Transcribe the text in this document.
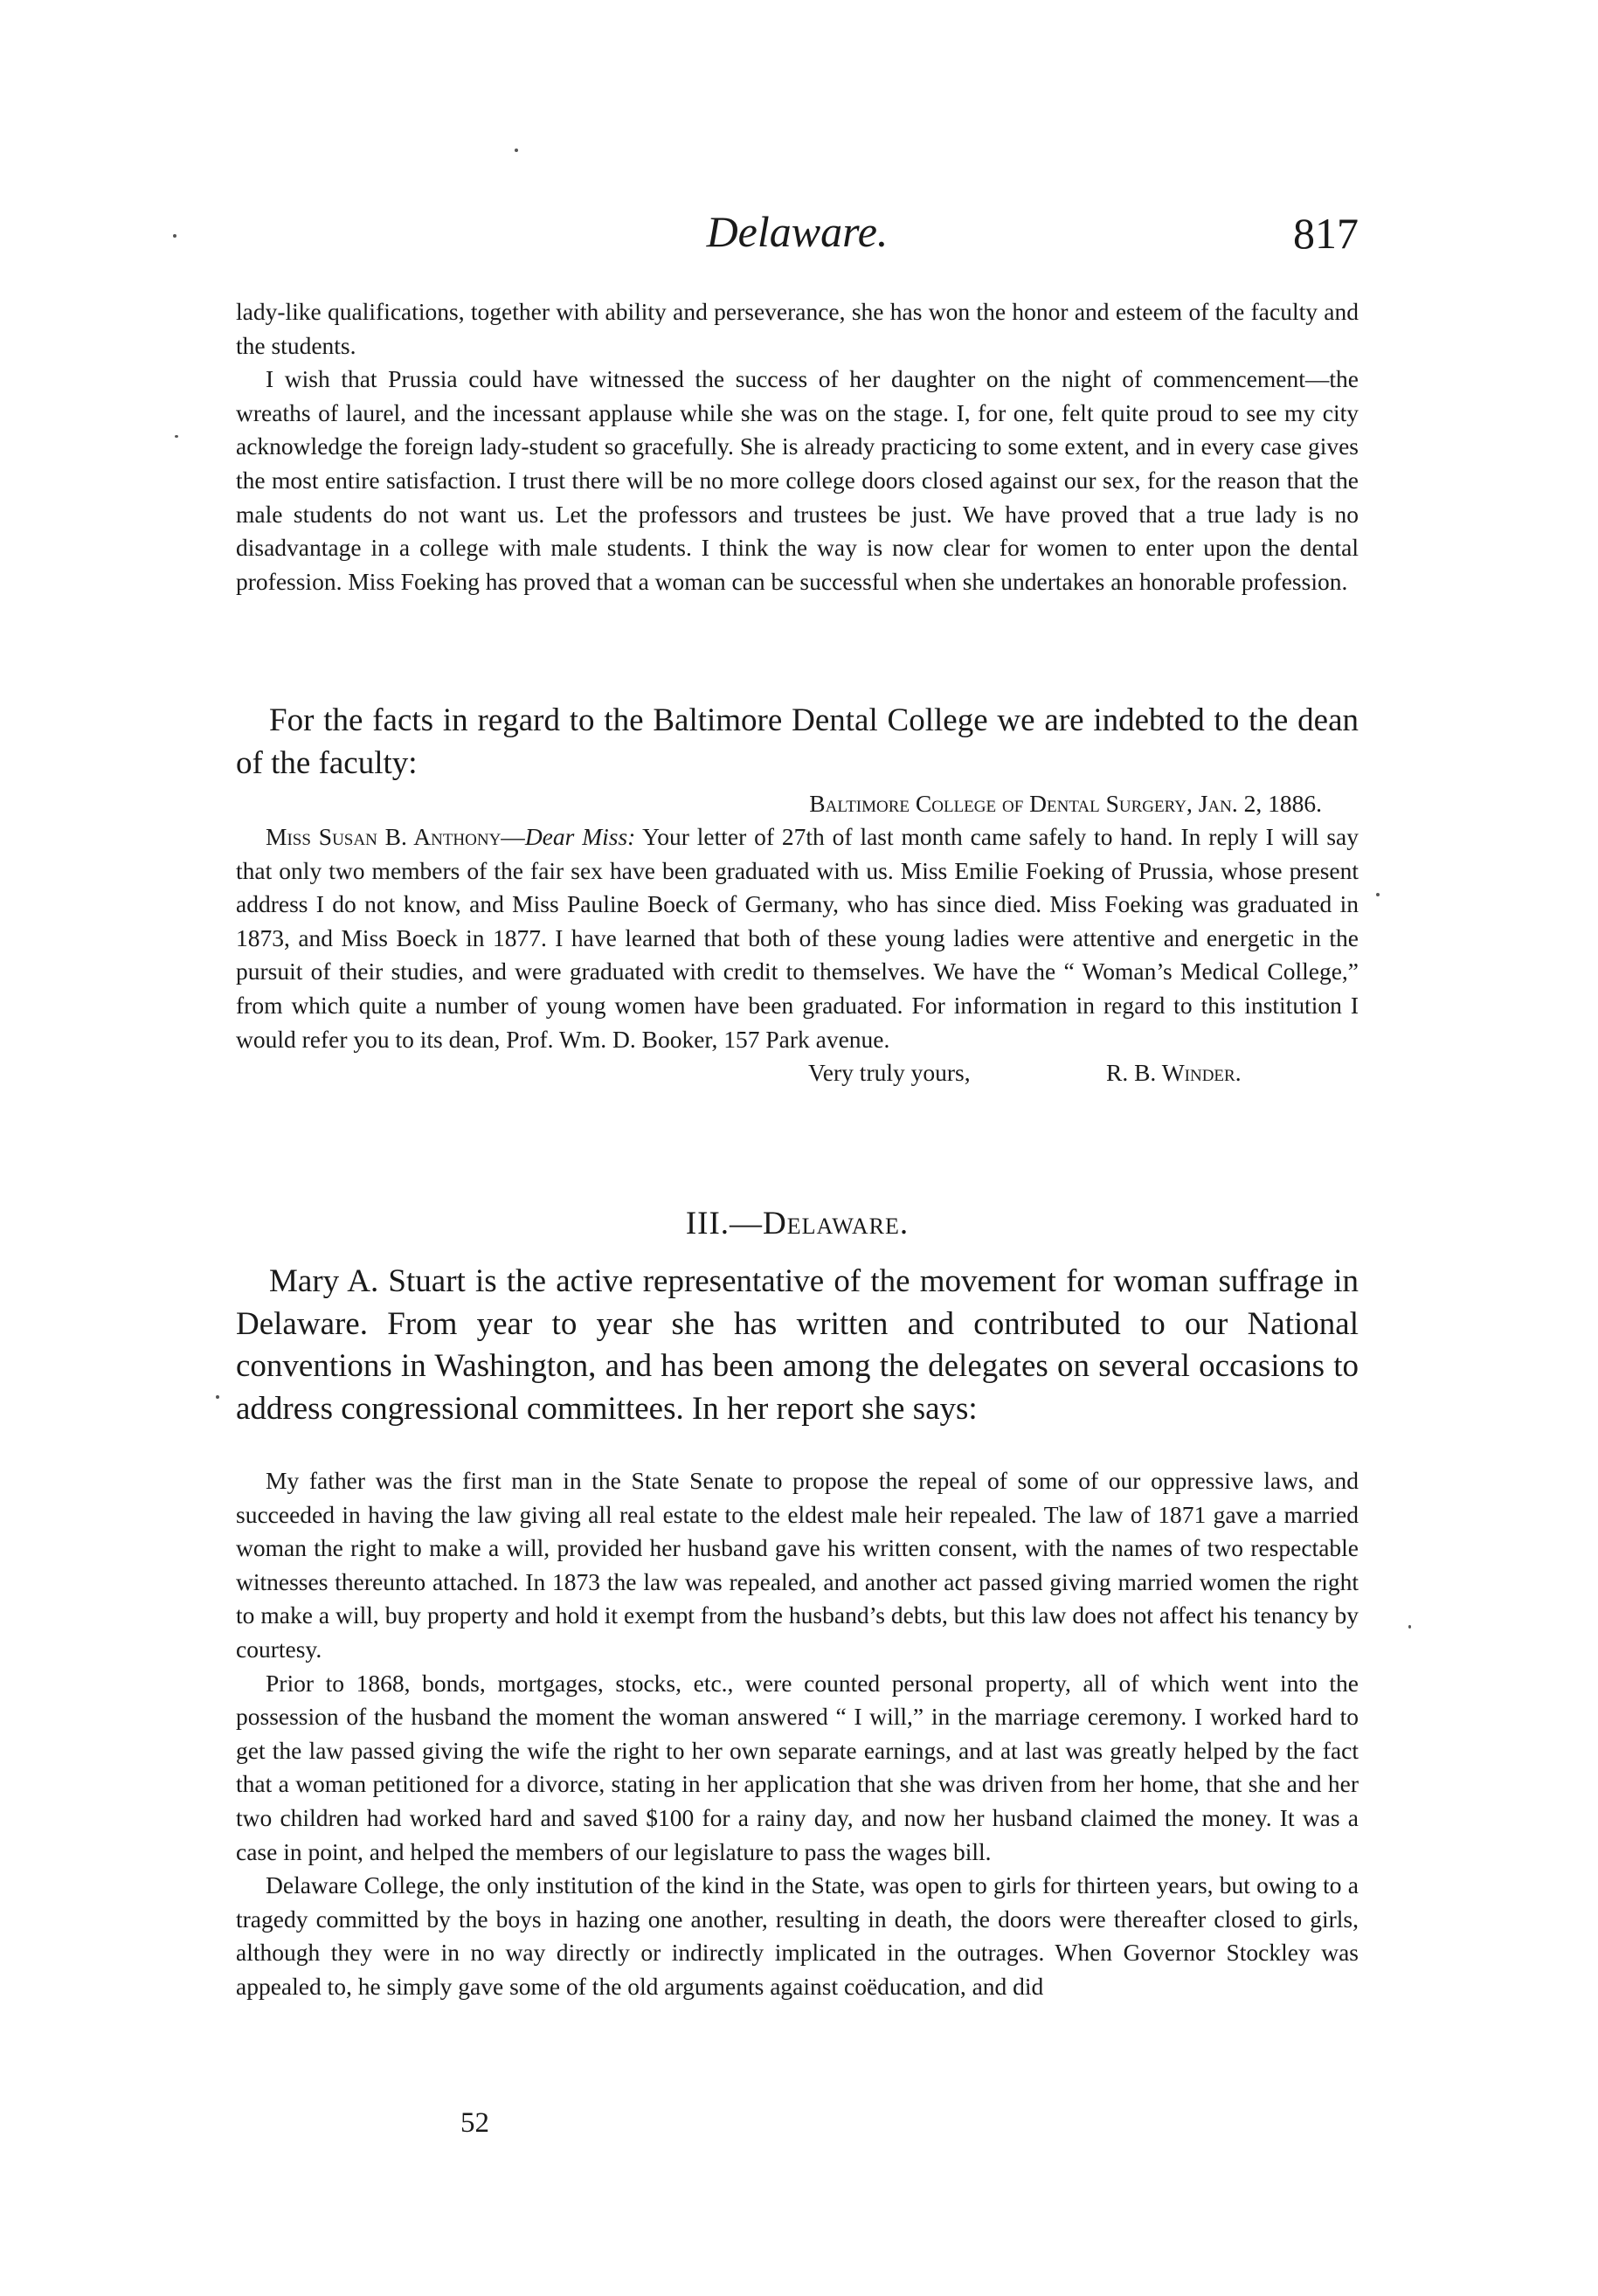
Delaware.	817

lady-like qualifications, together with ability and perseverance, she has won the honor and esteem of the faculty and the students.

I wish that Prussia could have witnessed the success of her daughter on the night of commencement—the wreaths of laurel, and the incessant applause while she was on the stage. I, for one, felt quite proud to see my city acknowledge the foreign lady-student so gracefully. She is already practicing to some extent, and in every case gives the most entire satisfaction. I trust there will be no more college doors closed against our sex, for the reason that the male students do not want us. Let the professors and trustees be just. We have proved that a true lady is no disadvantage in a college with male students. I think the way is now clear for women to enter upon the dental profession. Miss Foeking has proved that a woman can be successful when she undertakes an honorable profession.

For the facts in regard to the Baltimore Dental College we are indebted to the dean of the faculty:

Baltimore College of Dental Surgery, Jan. 2, 1886.

Miss Susan B. Anthony—Dear Miss: Your letter of 27th of last month came safely to hand. In reply I will say that only two members of the fair sex have been graduated with us. Miss Emilie Foeking of Prussia, whose present address I do not know, and Miss Pauline Boeck of Germany, who has since died. Miss Foeking was graduated in 1873, and Miss Boeck in 1877. I have learned that both of these young ladies were attentive and energetic in the pursuit of their studies, and were graduated with credit to themselves. We have the “ Woman’s Medical College,” from which quite a number of young women have been graduated. For information in regard to this institution I would refer you to its dean, Prof. Wm. D. Booker, 157 Park avenue.

Very truly yours,	R. B. Winder.
III.—Delaware.

Mary A. Stuart is the active representative of the movement for woman suffrage in Delaware. From year to year she has written and contributed to our National conventions in Washington, and has been among the delegates on several occasions to address congressional committees. In her report she says:

My father was the first man in the State Senate to propose the repeal of some of our oppressive laws, and succeeded in having the law giving all real estate to the eldest male heir repealed. The law of 1871 gave a married woman the right to make a will, provided her husband gave his written consent, with the names of two respectable witnesses thereunto attached. In 1873 the law was repealed, and another act passed giving married women the right to make a will, buy property and hold it exempt from the husband’s debts, but this law does not affect his tenancy by courtesy.

Prior to 1868, bonds, mortgages, stocks, etc., were counted personal property, all of which went into the possession of the husband the moment the woman answered “ I will,” in the marriage ceremony. I worked hard to get the law passed giving the wife the right to her own separate earnings, and at last was greatly helped by the fact that a woman petitioned for a divorce, stating in her application that she was driven from her home, that she and her two children had worked hard and saved $100 for a rainy day, and now her husband claimed the money. It was a case in point, and helped the members of our legislature to pass the wages bill.

Delaware College, the only institution of the kind in the State, was open to girls for thirteen years, but owing to a tragedy committed by the boys in hazing one another, resulting in death, the doors were thereafter closed to girls, although they were in no way directly or indirectly implicated in the outrages. When Governor Stockley was appealed to, he simply gave some of the old arguments against coëducation, and did

52
